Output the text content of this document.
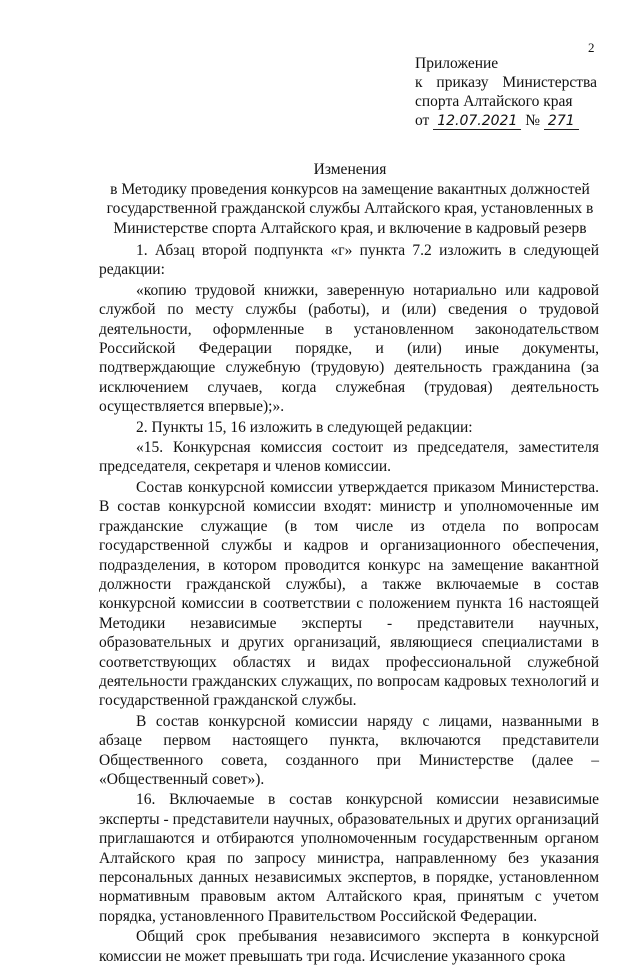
2
Приложение
к приказу Министерства
спорта Алтайского края
от 12.07.2021 № 271
Изменения
в Методику проведения конкурсов на замещение вакантных должностей
государственной гражданской службы Алтайского края, установленных в
Министерстве спорта Алтайского края, и включение в кадровый резерв

1. Абзац второй подпункта «г» пункта 7.2 изложить в следующей редакции:

«копию трудовой книжки, заверенную нотариально или кадровой службой по месту службы (работы), и (или) сведения о трудовой деятельности, оформленные в установленном законодательством Российской Федерации порядке, и (или) иные документы, подтверждающие служебную (трудовую) деятельность гражданина (за исключением случаев, когда служебная (трудовая) деятельность осуществляется впервые);».

2. Пункты 15, 16 изложить в следующей редакции:

«15. Конкурсная комиссия состоит из председателя, заместителя председателя, секретаря и членов комиссии.

Состав конкурсной комиссии утверждается приказом Министерства. В состав конкурсной комиссии входят: министр и уполномоченные им гражданские служащие (в том числе из отдела по вопросам государственной службы и кадров и организационного обеспечения, подразделения, в котором проводится конкурс на замещение вакантной должности гражданской службы), а также включаемые в состав конкурсной комиссии в соответствии с положением пункта 16 настоящей Методики независимые эксперты - представители научных, образовательных и других организаций, являющиеся специалистами в соответствующих областях и видах профессиональной служебной деятельности гражданских служащих, по вопросам кадровых технологий и государственной гражданской службы.

В состав конкурсной комиссии наряду с лицами, названными в абзаце первом настоящего пункта, включаются представители Общественного совета, созданного при Министерстве (далее – «Общественный совет»).

16. Включаемые в состав конкурсной комиссии независимые эксперты - представители научных, образовательных и других организаций приглашаются и отбираются уполномоченным государственным органом Алтайского края по запросу министра, направленному без указания персональных данных независимых экспертов, в порядке, установленном нормативным правовым актом Алтайского края, принятым с учетом порядка, установленного Правительством Российской Федерации.

Общий срок пребывания независимого эксперта в конкурсной комиссии не может превышать три года. Исчисление указанного срока
